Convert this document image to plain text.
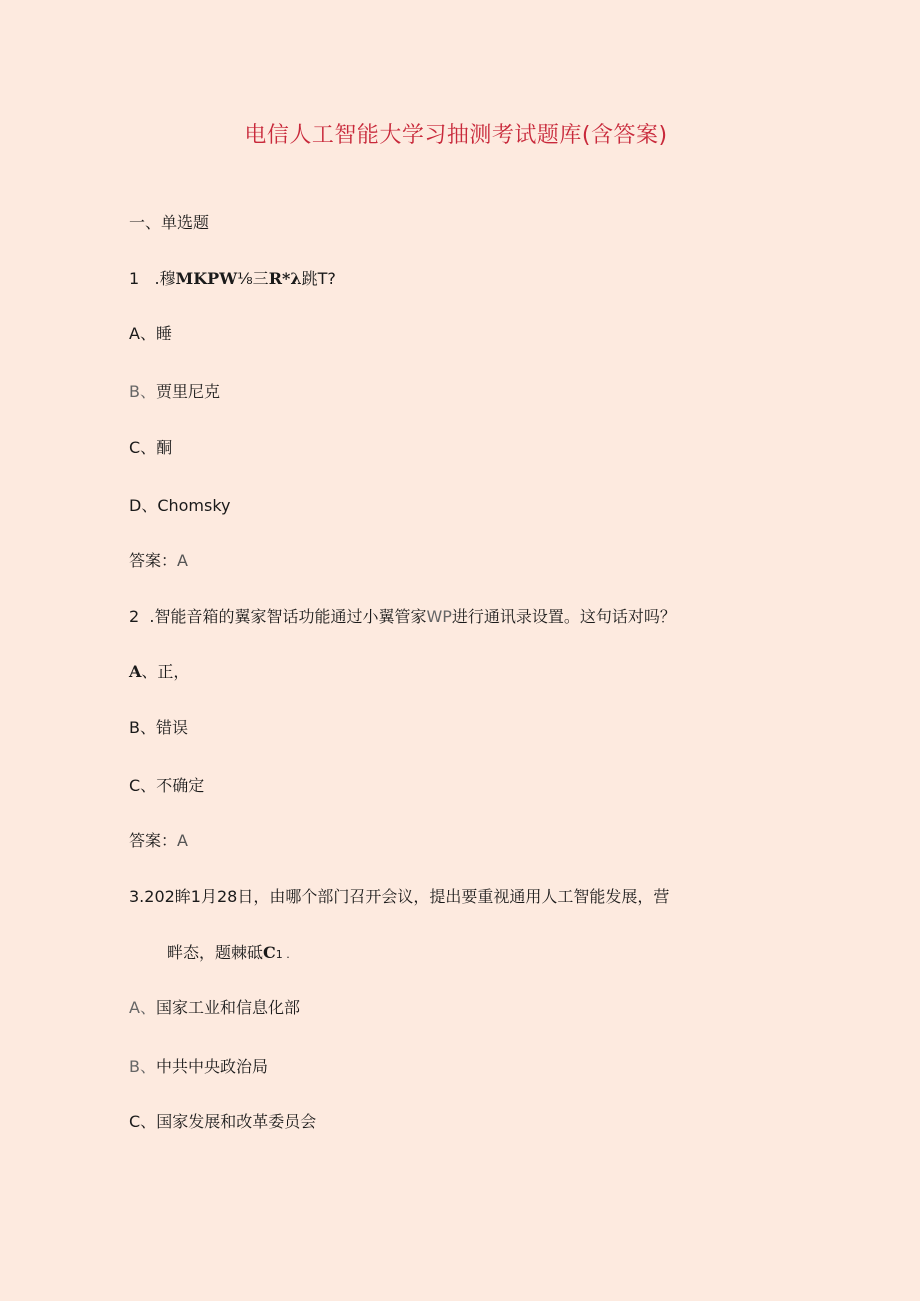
电信人工智能大学习抽测考试题库(含答案)
一、单选题
1 .穆MKPW⅛三R*λ跳T?
A、睡
B、贾里尼克
C、酮
D、Chomsky
答案：A
2 .智能音箱的翼家智话功能通过小翼管家WP进行通讯录设置。这句话对吗？
A、正，
B、错误
C、不确定
答案：A
3.202眸1月28日，由哪个部门召开会议，提出要重视通用人工智能发展，营
畔态，题棘砥C1 .
A、国家工业和信息化部
B、中共中央政治局
C、国家发展和改革委员会
